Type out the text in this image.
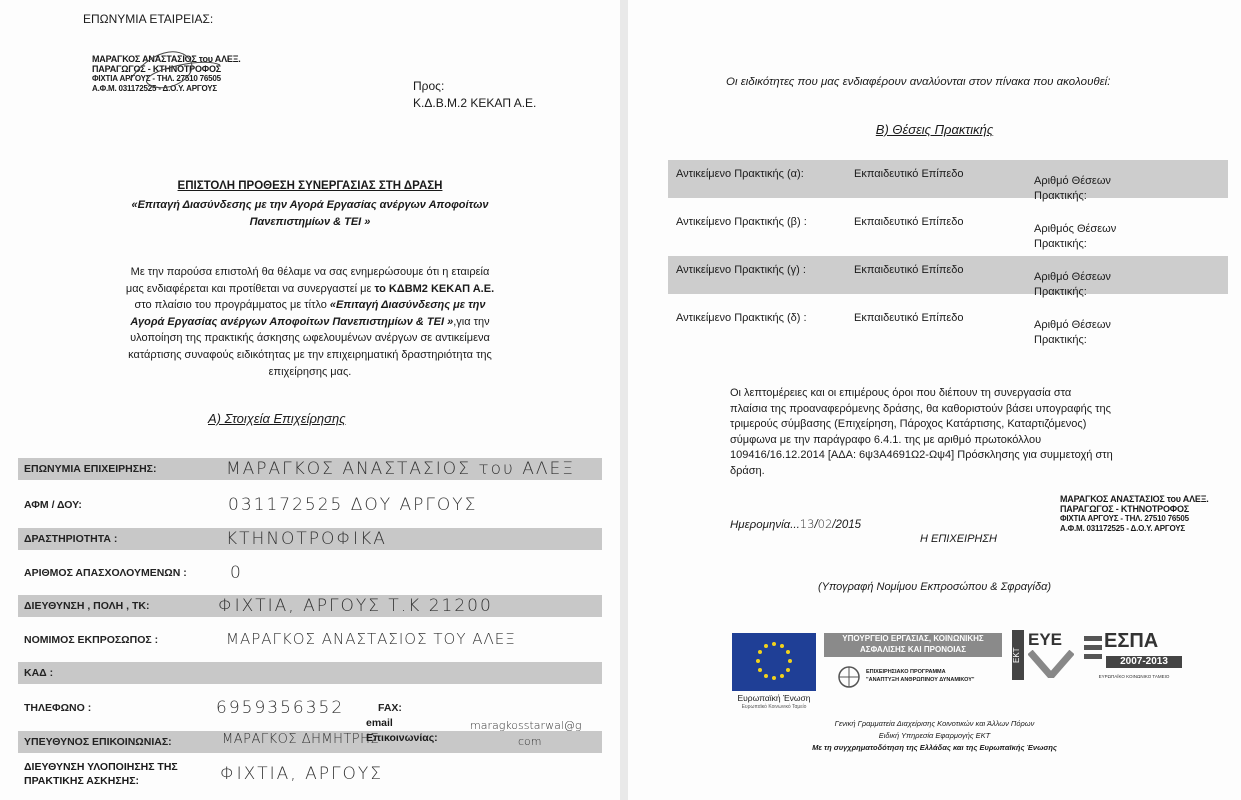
ΕΠΩΝΥΜΙΑ ΕΤΑΙΡΕΙΑΣ:
ΜΑΡΑΓΚΟΣ ΑΝΑΣΤΑΣΙΟΣ του ΑΛΕΞ.
ΠΑΡΑΓΩΓΟΣ - ΚΤΗΝΟΤΡΟΦΟΣ
ΦΙΧΤΙΑ ΑΡΓΟΥΣ - ΤΗΛ. 27510 76505
Α.Φ.Μ. 031172525 - Δ.Ο.Υ. ΑΡΓΟΥΣ	Προς:
Κ.Δ.Β.Μ.2 ΚΕΚΑΠ Α.Ε.
ΕΠΙΣΤΟΛΗ ΠΡΟΘΕΣΗ ΣΥΝΕΡΓΑΣΙΑΣ ΣΤΗ ΔΡΑΣΗ
«Επιταγή Διασύνδεσης με την Αγορά Εργασίας ανέργων Αποφοίτων
Πανεπιστημίων & ΤΕΙ »
Με την παρούσα επιστολή θα θέλαμε να σας ενημερώσουμε ότι η εταιρεία
μας ενδιαφέρεται και προτίθεται να συνεργαστεί με το ΚΔΒΜ2 ΚΕΚΑΠ Α.Ε.
στο πλαίσιο του προγράμματος με τίτλο «Επιταγή Διασύνδεσης με την
Αγορά Εργασίας ανέργων Αποφοίτων Πανεπιστημίων & ΤΕΙ »,για την
υλοποίηση της πρακτικής άσκησης ωφελουμένων ανέργων σε αντικείμενα
κατάρτισης συναφούς ειδικότητας με την επιχειρηματική δραστηριότητα της
επιχείρησης μας.
Α) Στοιχεία Επιχείρησης
ΕΠΩΝΥΜΙΑ ΕΠΙΧΕΙΡΗΣΗΣ:	ΜΑΡΑΓΚΟΣ ΑΝΑΣΤΑΣΙΟΣ του ΑΛΕΞ
ΑΦΜ / ΔΟΥ:	031172525 ΔΟΥ ΑΡΓΟΥΣ
ΔΡΑΣΤΗΡΙΟΤΗΤΑ :	ΚΤΗΝΟΤΡΟΦΙΚΑ
ΑΡΙΘΜΟΣ ΑΠΑΣΧΟΛΟΥΜΕΝΩΝ :	0
ΔΙΕΥΘΥΝΣΗ , ΠΟΛΗ , ΤΚ:	ΦΙΧΤΙΑ, ΑΡΓΟΥΣ Τ.Κ 21200
ΝΟΜΙΜΟΣ ΕΚΠΡΟΣΩΠΟΣ :	ΜΑΡΑΓΚΟΣ ΑΝΑΣΤΑΣΙΟΣ ΤΟΥ ΑΛΕΞ
ΚΑΔ :
ΤΗΛΕΦΩΝΟ :	6959356352	FAX:
ΥΠΕΥΘΥΝΟΣ ΕΠΙΚΟΙΝΩΝΙΑΣ:	ΜΑΡΑΓΚΟΣ ΔΗΜΗΤΡΗΣ
email
Επικοινωνίας:
maragkosstarwal@g
com
ΔΙΕΥΘΥΝΣΗ ΥΛΟΠΟΙΗΣΗΣ ΤΗΣ
ΠΡΑΚΤΙΚΗΣ ΑΣΚΗΣΗΣ:	ΦΙΧΤΙΑ, ΑΡΓΟΥΣ
Οι ειδικότητες που μας ενδιαφέρουν αναλύονται στον πίνακα που ακολουθεί:
Β) Θέσεις Πρακτικής
Αντικείμενο Πρακτικής (α):	Εκπαιδευτικό Επίπεδο
Αριθμό Θέσεων
Πρακτικής:
Αντικείμενο Πρακτικής (β) :	Εκπαιδευτικό Επίπεδο
Αριθμός Θέσεων
Πρακτικής:
Αντικείμενο Πρακτικής (γ) :	Εκπαιδευτικό Επίπεδο
Αριθμό Θέσεων
Πρακτικής:
Αντικείμενο Πρακτικής (δ) :	Εκπαιδευτικό Επίπεδο
Αριθμό Θέσεων
Πρακτικής:
Οι λεπτομέρειες και οι επιμέρους όροι που διέπουν τη συνεργασία στα
πλαίσια της προαναφερόμενης δράσης, θα καθοριστούν βάσει υπογραφής της
τριμερούς σύμβασης (Επιχείρηση, Πάροχος Κατάρτισης, Καταρτιζόμενος)
σύμφωνα με την παράγραφο 6.4.1. της με αριθμό πρωτοκόλλου
109416/16.12.2014 [ΑΔΑ: 6ψ3Α4691Ω2-Ωψ4] Πρόσκλησης για συμμετοχή στη
δράση.
ΜΑΡΑΓΚΟΣ ΑΝΑΣΤΑΣΙΟΣ του ΑΛΕΞ.
ΠΑΡΑΓΩΓΟΣ - ΚΤΗΝΟΤΡΟΦΟΣ
ΦΙΧΤΙΑ ΑΡΓΟΥΣ - ΤΗΛ. 27510 76505
Α.Φ.Μ. 031172525 - Δ.Ο.Υ. ΑΡΓΟΥΣ
Ημερομηνία...13/02/2015
Η ΕΠΙΧΕΙΡΗΣΗ
(Υπογραφή Νομίμου Εκπροσώπου & Σφραγίδα)
Ευρωπαϊκή Ένωση
Ευρωπαϊκό Κοινωνικό Ταμείο
ΥΠΟΥΡΓΕΙΟ ΕΡΓΑΣΙΑΣ, ΚΟΙΝΩΝΙΚΗΣ
ΑΣΦΑΛΙΣΗΣ ΚΑΙ ΠΡΟΝΟΙΑΣ
ΕΠΙΧΕΙΡΗΣΙΑΚΟ ΠΡΟΓΡΑΜΜΑ
"ΑΝΑΠΤΥΞΗ ΑΝΘΡΩΠΙΝΟΥ ΔΥΝΑΜΙΚΟΥ"
ΕΚΤ
ΕΥΕ ΕΣΠΑ
2007-2013
ΕΥΡΩΠΑΪΚΟ ΚΟΙΝΩΝΙΚΟ ΤΑΜΕΙΟ
Γενική Γραμματεία Διαχείρισης Κοινοτικών και Άλλων Πόρων
Ειδική Υπηρεσία Εφαρμογής ΕΚΤ
Με τη συγχρηματοδότηση της Ελλάδας και της Ευρωπαϊκής Ένωσης
